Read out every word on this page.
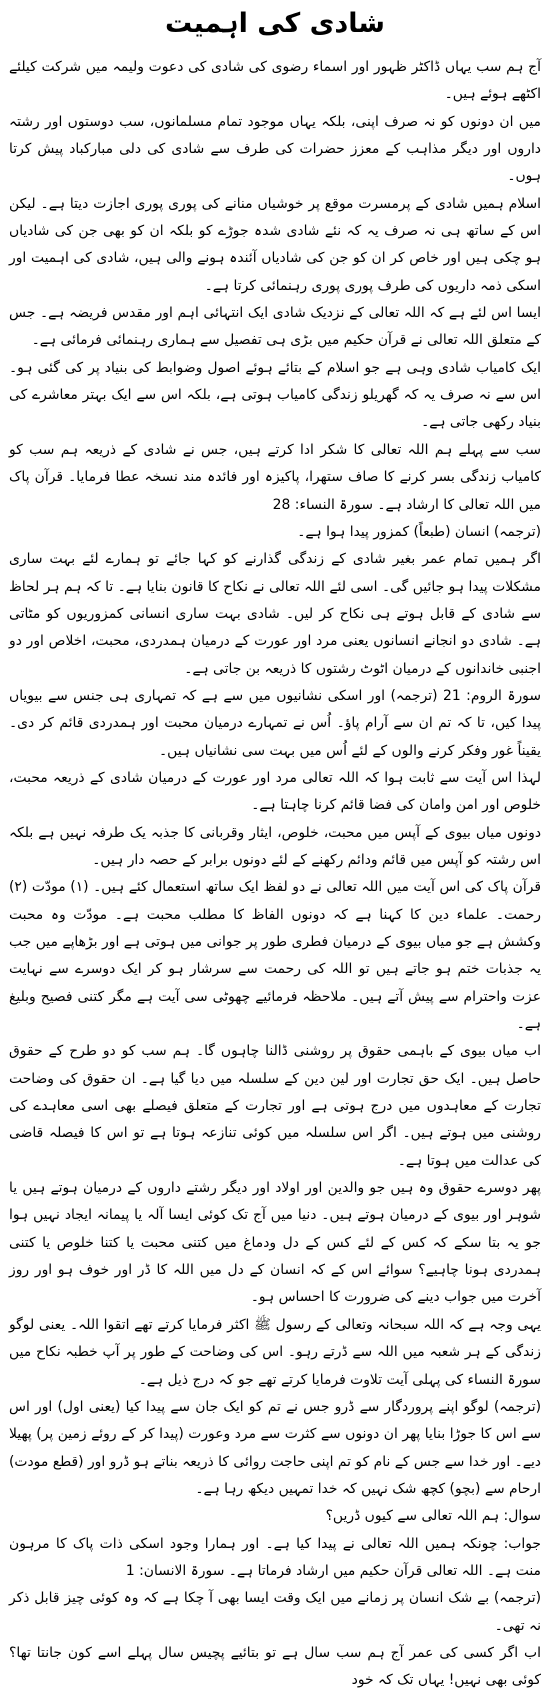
شادی کی اہمیت

آج ہم سب یہاں ڈاکٹر ظہور اور اسماء رضوی کی شادی کی دعوت ولیمہ میں شرکت کیلئے اکٹھے ہوئے ہیں۔

میں ان دونوں کو نہ صرف اپنی، بلکہ یہاں موجود تمام مسلمانوں، سب دوستوں اور رشتہ داروں اور دیگر مذاہب کے معزز حضرات کی طرف سے شادی کی دلی مبارکباد پیش کرتا ہوں۔

اسلام ہمیں شادی کے پرمسرت موقع پر خوشیاں منانے کی پوری پوری اجازت دیتا ہے۔ لیکن اس کے ساتھ ہی نہ صرف یہ کہ نئے شادی شدہ جوڑے کو بلکہ ان کو بھی جن کی شادیاں ہو چکی ہیں اور خاص کر ان کو جن کی شادیاں آئندہ ہونے والی ہیں، شادی کی اہمیت اور اسکی ذمہ داریوں کی طرف پوری پوری رہنمائی کرتا ہے۔

ایسا اس لئے ہے کہ اللہ تعالی کے نزدیک شادی ایک انتہائی اہم اور مقدس فریضہ ہے۔ جس کے متعلق اللہ تعالی نے قرآن حکیم میں بڑی ہی تفصیل سے ہماری رہنمائی فرمائی ہے۔

ایک کامیاب شادی وہی ہے جو اسلام کے بتائے ہوئے اصول وضوابط کی بنیاد پر کی گئی ہو۔ اس سے نہ صرف یہ کہ گھریلو زندگی کامیاب ہوتی ہے، بلکہ اس سے ایک بہتر معاشرے کی بنیاد رکھی جاتی ہے۔

سب سے پہلے ہم اللہ تعالی کا شکر ادا کرتے ہیں، جس نے شادی کے ذریعہ ہم سب کو کامیاب زندگی بسر کرنے کا صاف ستھرا، پاکیزہ اور فائدہ مند نسخہ عطا فرمایا۔ قرآن پاک میں اللہ تعالی کا ارشاد ہے۔ سورۃ النساء: 28

(ترجمہ) انسان (طبعاً) کمزور پیدا ہوا ہے۔

اگر ہمیں تمام عمر بغیر شادی کے زندگی گذارنے کو کہا جائے تو ہمارے لئے بہت ساری مشکلات پیدا ہو جائیں گی۔ اسی لئے اللہ تعالی نے نکاح کا قانون بنایا ہے۔ تا کہ ہم ہر لحاظ سے شادی کے قابل ہوتے ہی نکاح کر لیں۔ شادی بہت ساری انسانی کمزوریوں کو مٹاتی ہے۔ شادی دو انجانے انسانوں یعنی مرد اور عورت کے درمیان ہمدردی، محبت، اخلاص اور دو اجنبی خاندانوں کے درمیان اٹوٹ رشتوں کا ذریعہ بن جاتی ہے۔

سورۃ الروم: 21 (ترجمہ) اور اسکی نشانیوں میں سے ہے کہ تمہاری ہی جنس سے بیویاں پیدا کیں، تا کہ تم ان سے آرام پاؤ۔ اُس نے تمہارے درمیان محبت اور ہمدردی قائم کر دی۔ یقیناً غور وفکر کرنے والوں کے لئے اُس میں بہت سی نشانیاں ہیں۔

لہذا اس آیت سے ثابت ہوا کہ اللہ تعالی مرد اور عورت کے درمیان شادی کے ذریعہ محبت، خلوص اور امن وامان کی فضا قائم کرنا چاہتا ہے۔

دونوں میاں بیوی کے آپس میں محبت، خلوص، ایثار وقربانی کا جذبہ یک طرفہ نہیں ہے بلکہ اس رشتہ کو آپس میں قائم ودائم رکھنے کے لئے دونوں برابر کے حصہ دار ہیں۔

قرآن پاک کی اس آیت میں اللہ تعالی نے دو لفظ ایک ساتھ استعمال کئے ہیں۔ (۱) مودّت (۲) رحمت۔ علماء دین کا کہنا ہے کہ دونوں الفاظ کا مطلب محبت ہے۔ مودّت وہ محبت وکشش ہے جو میاں بیوی کے درمیان فطری طور پر جوانی میں ہوتی ہے اور بڑھاپے میں جب یہ جذبات ختم ہو جاتے ہیں تو اللہ کی رحمت سے سرشار ہو کر ایک دوسرے سے نہایت عزت واحترام سے پیش آتے ہیں۔ ملاحظہ فرمائیے چھوٹی سی آیت ہے مگر کتنی فصیح وبلیغ ہے۔

اب میاں بیوی کے باہمی حقوق پر روشنی ڈالنا چاہوں گا۔ ہم سب کو دو طرح کے حقوق حاصل ہیں۔ ایک حق تجارت اور لین دین کے سلسلہ میں دیا گیا ہے۔ ان حقوق کی وضاحت تجارت کے معاہدوں میں درج ہوتی ہے اور تجارت کے متعلق فیصلے بھی اسی معاہدے کی روشنی میں ہوتے ہیں۔ اگر اس سلسلہ میں کوئی تنازعہ ہوتا ہے تو اس کا فیصلہ قاضی کی عدالت میں ہوتا ہے۔

پھر دوسرے حقوق وہ ہیں جو والدین اور اولاد اور دیگر رشتے داروں کے درمیان ہوتے ہیں یا شوہر اور بیوی کے درمیان ہوتے ہیں۔ دنیا میں آج تک کوئی ایسا آلہ یا پیمانہ ایجاد نہیں ہوا جو یہ بتا سکے کہ کس کے لئے کس کے دل ودماغ میں کتنی محبت یا کتنا خلوص یا کتنی ہمدردی ہونا چاہیے؟ سوائے اس کے کہ انسان کے دل میں اللہ کا ڈر اور خوف ہو اور روز آخرت میں جواب دینے کی ضرورت کا احساس ہو۔

یہی وجہ ہے کہ اللہ سبحانہ وتعالی کے رسول ﷺ اکثر فرمایا کرتے تھے اتقوا اللہ۔ یعنی لوگو زندگی کے ہر شعبہ میں اللہ سے ڈرتے رہو۔ اس کی وضاحت کے طور پر آپ خطبہ نکاح میں سورۃ النساء کی پہلی آیت تلاوت فرمایا کرتے تھے جو کہ درج ذیل ہے۔

(ترجمہ) لوگو اپنے پروردگار سے ڈرو جس نے تم کو ایک جان سے پیدا کیا (یعنی اول) اور اس سے اس کا جوڑا بنایا پھر ان دونوں سے کثرت سے مرد وعورت (پیدا کر کے روئے زمین پر) پھیلا دیے۔ اور خدا سے جس کے نام کو تم اپنی حاجت روائی کا ذریعہ بناتے ہو ڈرو اور (قطع مودت) ارحام سے (بچو) کچھ شک نہیں کہ خدا تمہیں دیکھ رہا ہے۔

سوال: ہم اللہ تعالی سے کیوں ڈریں؟

جواب: چونکہ ہمیں اللہ تعالی نے پیدا کیا ہے۔ اور ہمارا وجود اسکی ذات پاک کا مرہون منت ہے۔ اللہ تعالی قرآن حکیم میں ارشاد فرماتا ہے۔ سورۃ الانسان: 1

(ترجمہ) بے شک انسان پر زمانے میں ایک وقت ایسا بھی آ چکا ہے کہ وہ کوئی چیز قابل ذکر نہ تھی۔

اب اگر کسی کی عمر آج ہم سب سال ہے تو بتائیے پچیس سال پہلے اسے کون جانتا تھا؟ کوئی بھی نہیں! یہاں تک کہ خود
